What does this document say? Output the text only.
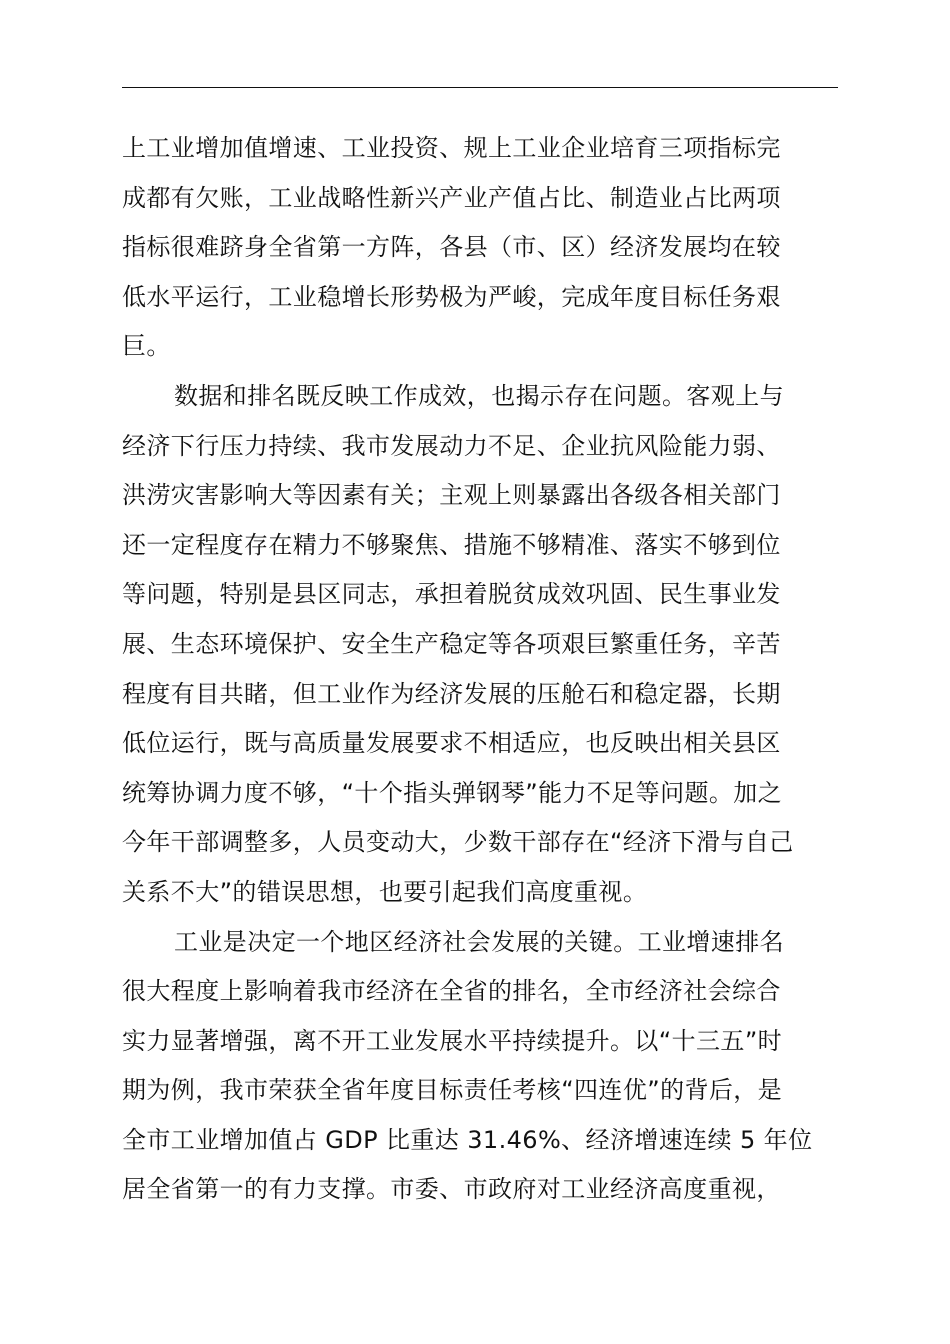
上工业增加值增速、工业投资、规上工业企业培育三项指标完
成都有欠账，工业战略性新兴产业产值占比、制造业占比两项
指标很难跻身全省第一方阵，各县（市、区）经济发展均在较
低水平运行，工业稳增长形势极为严峻，完成年度目标任务艰
巨。
数据和排名既反映工作成效，也揭示存在问题。客观上与
经济下行压力持续、我市发展动力不足、企业抗风险能力弱、
洪涝灾害影响大等因素有关；主观上则暴露出各级各相关部门
还一定程度存在精力不够聚焦、措施不够精准、落实不够到位
等问题，特别是县区同志，承担着脱贫成效巩固、民生事业发
展、生态环境保护、安全生产稳定等各项艰巨繁重任务，辛苦
程度有目共睹，但工业作为经济发展的压舱石和稳定器，长期
低位运行，既与高质量发展要求不相适应，也反映出相关县区
统筹协调力度不够，“十个指头弹钢琴”能力不足等问题。加之
今年干部调整多，人员变动大，少数干部存在“经济下滑与自己
关系不大”的错误思想，也要引起我们高度重视。
工业是决定一个地区经济社会发展的关键。工业增速排名
很大程度上影响着我市经济在全省的排名，全市经济社会综合
实力显著增强，离不开工业发展水平持续提升。以“十三五”时
期为例，我市荣获全省年度目标责任考核“四连优”的背后，是
全市工业增加值占 GDP 比重达 31.46%、经济增速连续 5 年位
居全省第一的有力支撑。市委、市政府对工业经济高度重视，
